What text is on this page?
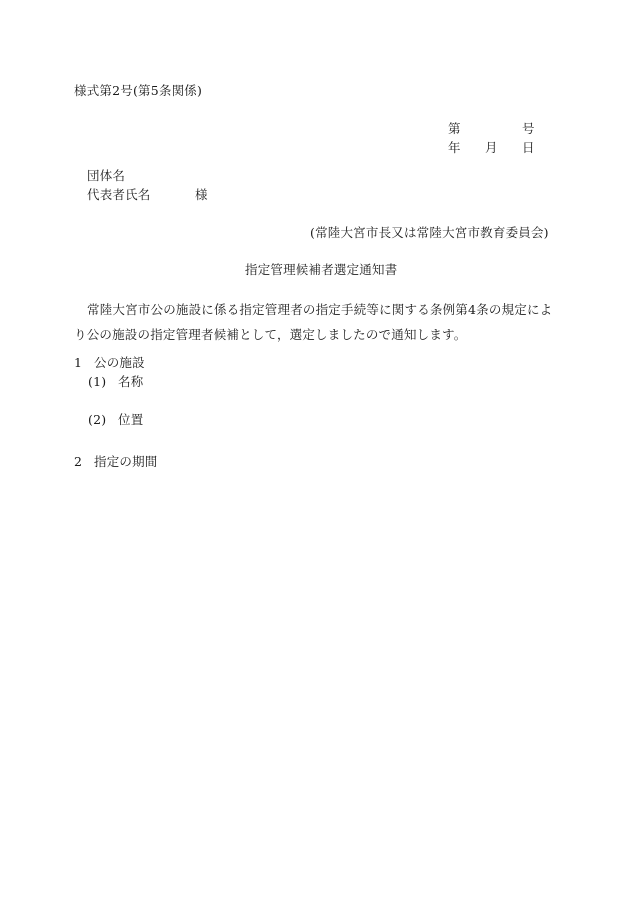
様式第2号(第5条関係)
第	号
年 月 日
団体名
代表者氏名	様
(常陸大宮市長又は常陸大宮市教育委員会)
指定管理候補者選定通知書
常陸大宮市公の施設に係る指定管理者の指定手続等に関する条例第4条の規定により公の施設の指定管理者候補として，選定しましたので通知します。
1 公の施設
(1) 名称
(2) 位置
2 指定の期間
